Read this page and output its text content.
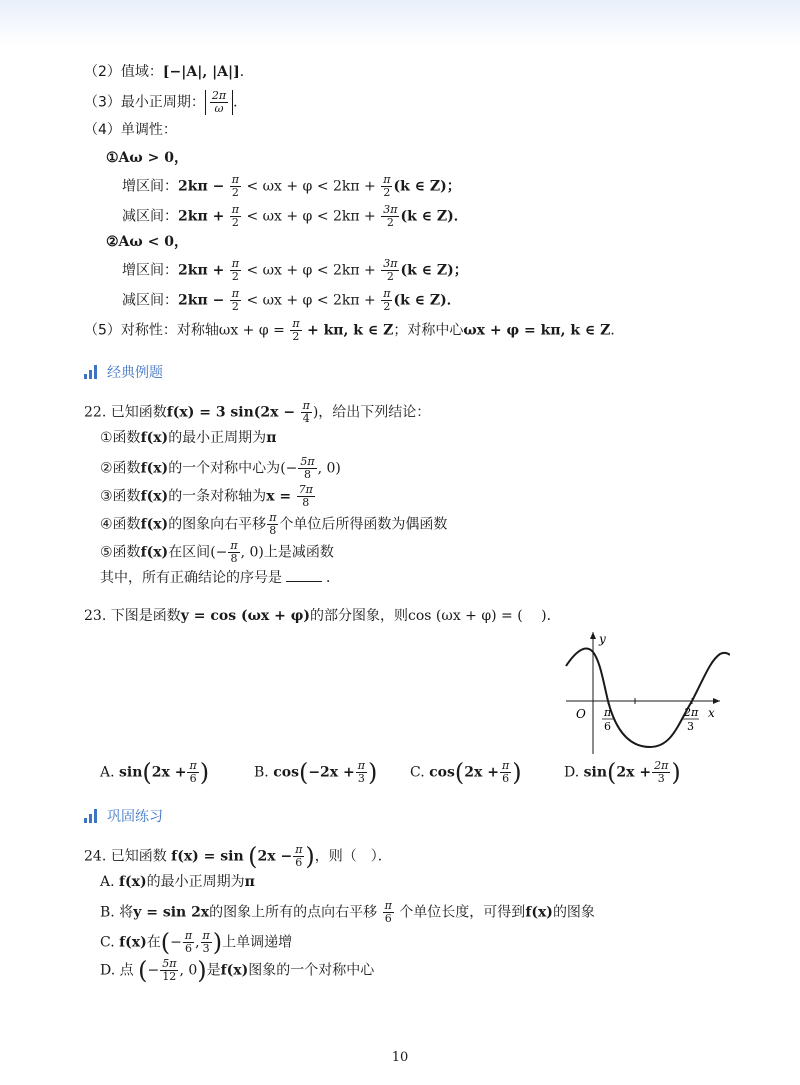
（2）值域：[−|A|, |A|]．
（3）最小正周期： $\frac{2\pi}{\omega}$ ．
（4）单调性：
①Aω > 0，
增区间：$2k\pi - \frac{\pi}{2} < \omega x + \varphi < 2k\pi + \frac{\pi}{2} (k$ ∈ Z)；
减区间：$2k\pi + \frac{\pi}{2} < \omega x + \varphi < 2k\pi + \frac{3\pi}{2} (k$ ∈ Z)．
②Aω < 0，
增区间：$2k\pi + \frac{\pi}{2} < \omega x + \varphi < 2k\pi + \frac{3\pi}{2} (k$ ∈ Z)；
减区间：$2k\pi - \frac{\pi}{2} < \omega x + \varphi < 2k\pi + \frac{\pi}{2} (k$ ∈ Z)．
（5）对称性：对称轴$\omega x + \varphi = \frac{\pi}{2} + k\pi$, k ∈ Z；对称中心ωx + φ = kπ, k ∈ Z．
经典例题
22. 已知函数f(x) = 3 $\sin(2x - \frac{\pi}{4}$ )，给出下列结论：
①函数f(x)的最小正周期为π
②函数f(x)的一个对称中心为(− $\frac{5\pi}{8}$ , 0)
③函数f(x)的一条对称轴为$x = \frac{7\pi}{8}$
④函数f(x)的图象向右平移 $\frac{\pi}{8}$ 个单位后所得函数为偶函数
⑤函数f(x)在区间(− $\frac{\pi}{8}$ , 0)上是减函数
其中，所有正确结论的序号是	．
23. 下图是函数y = cos (ωx + φ)的部分图象，则cos (ωx + φ) = (　 )．
y
x
O π
6
2π
3
A. $\sin(2x + \frac{\pi}{6}$ )	B. $\cos(-2x + \frac{\pi}{3}$ ) C. $\cos(2x + \frac{\pi}{6}$ )	D. $\sin(2x + \frac{2\pi}{3}$ )
巩固练习
24. 已知函数 $f(x) = \sin (2x - \frac{\pi}{6}$ )，则（　）．
A. f(x)的最小正周期为π
B. 将y = sin 2x的图象上所有的点向右平移 $\frac{\pi}{6}$ 个单位长度，可得到f(x)的图象
C. f(x)在(− $\frac{\pi}{6}$ , $\frac{\pi}{3}$ )上单调递增
D. 点 (− $\frac{5\pi}{12}$ , 0)是f(x)图象的一个对称中心
10
